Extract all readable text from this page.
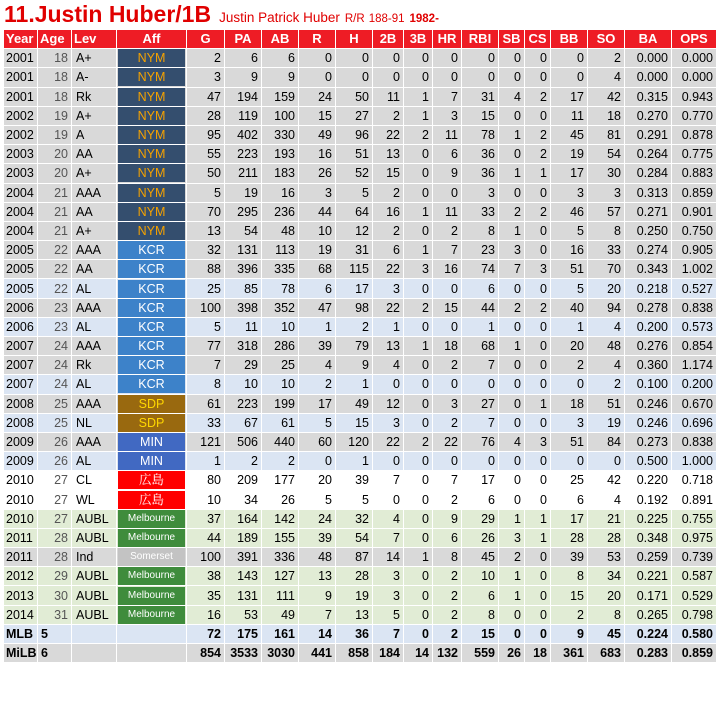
11.Justin Huber/1B Justin Patrick Huber R/R 188-91 1982-
Year	Age	Lev	Aff	G	PA	AB	R	H	2B	3B	HR	RBI	SB	CS	BB	SO	BA	OPS
2001	18	A+	NYM	2	6	6	0	0	0	0	0	0	0	0	0	2	0.000	0.000
2001	18	A-	NYM	3	9	9	0	0	0	0	0	0	0	0	0	4	0.000	0.000
2001	18	Rk	NYM	47	194	159	24	50	11	1	7	31	4	2	17	42	0.315	0.943
2002	19	A+	NYM	28	119	100	15	27	2	1	3	15	0	0	11	18	0.270	0.770
2002	19	A	NYM	95	402	330	49	96	22	2	11	78	1	2	45	81	0.291	0.878
2003	20	AA	NYM	55	223	193	16	51	13	0	6	36	0	2	19	54	0.264	0.775
2003	20	A+	NYM	50	211	183	26	52	15	0	9	36	1	1	17	30	0.284	0.883
2004	21	AAA	NYM	5	19	16	3	5	2	0	0	3	0	0	3	3	0.313	0.859
2004	21	AA	NYM	70	295	236	44	64	16	1	11	33	2	2	46	57	0.271	0.901
2004	21	A+	NYM	13	54	48	10	12	2	0	2	8	1	0	5	8	0.250	0.750
2005	22	AAA	KCR	32	131	113	19	31	6	1	7	23	3	0	16	33	0.274	0.905
2005	22	AA	KCR	88	396	335	68	115	22	3	16	74	7	3	51	70	0.343	1.002
2005	22	AL	KCR	25	85	78	6	17	3	0	0	6	0	0	5	20	0.218	0.527
2006	23	AAA	KCR	100	398	352	47	98	22	2	15	44	2	2	40	94	0.278	0.838
2006	23	AL	KCR	5	11	10	1	2	1	0	0	1	0	0	1	4	0.200	0.573
2007	24	AAA	KCR	77	318	286	39	79	13	1	18	68	1	0	20	48	0.276	0.854
2007	24	Rk	KCR	7	29	25	4	9	4	0	2	7	0	0	2	4	0.360	1.174
2007	24	AL	KCR	8	10	10	2	1	0	0	0	0	0	0	0	2	0.100	0.200
2008	25	AAA	SDP	61	223	199	17	49	12	0	3	27	0	1	18	51	0.246	0.670
2008	25	NL	SDP	33	67	61	5	15	3	0	2	7	0	0	3	19	0.246	0.696
2009	26	AAA	MIN	121	506	440	60	120	22	2	22	76	4	3	51	84	0.273	0.838
2009	26	AL	MIN	1	2	2	0	1	0	0	0	0	0	0	0	0	0.500	1.000
2010	27	CL	広島	80	209	177	20	39	7	0	7	17	0	0	25	42	0.220	0.718
2010	27	WL	広島	10	34	26	5	5	0	0	2	6	0	0	6	4	0.192	0.891
2010	27	AUBL	Melbourne	37	164	142	24	32	4	0	9	29	1	1	17	21	0.225	0.755
2011	28	AUBL	Melbourne	44	189	155	39	54	7	0	6	26	3	1	28	28	0.348	0.975
2011	28	Ind	Somerset	100	391	336	48	87	14	1	8	45	2	0	39	53	0.259	0.739
2012	29	AUBL	Melbourne	38	143	127	13	28	3	0	2	10	1	0	8	34	0.221	0.587
2013	30	AUBL	Melbourne	35	131	111	9	19	3	0	2	6	1	0	15	20	0.171	0.529
2014	31	AUBL	Melbourne	16	53	49	7	13	5	0	2	8	0	0	2	8	0.265	0.798
MLB	5			72	175	161	14	36	7	0	2	15	0	0	9	45	0.224	0.580
MiLB	6			854	3533	3030	441	858	184	14	132	559	26	18	361	683	0.283	0.859
